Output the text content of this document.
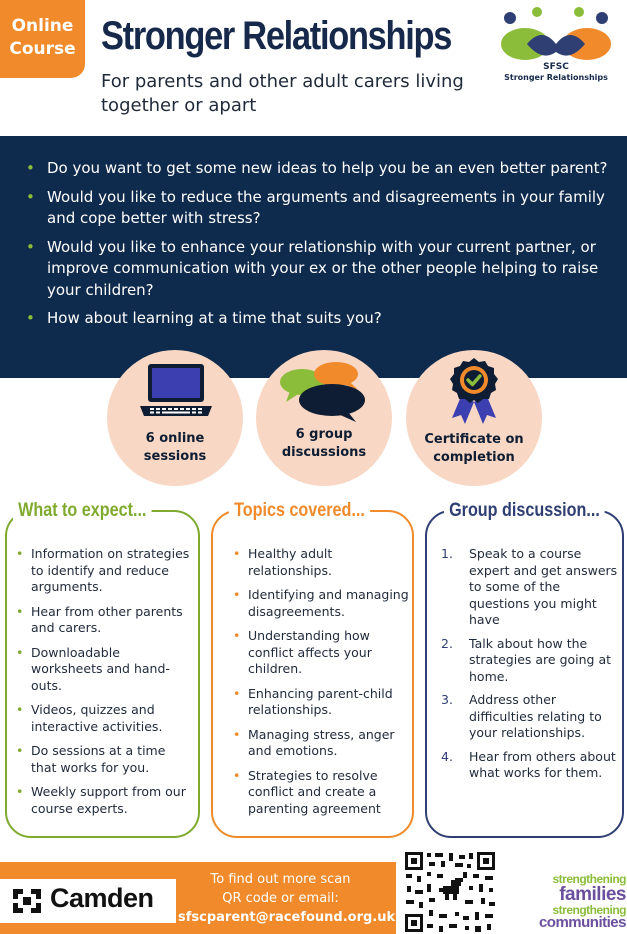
Online
Course Stronger Relationships
For parents and other adult carers living together or apart
SFSC
Stronger Relationships
• Do you want to get some new ideas to help you be an even better parent?
• Would you like to reduce the arguments and disagreements in your family and cope better with stress?
• Would you like to enhance your relationship with your current partner, or improve communication with your ex or the other people helping to raise your children?
• How about learning at a time that suits you?
6 online
sessions
6 group
discussions
Certificate on
completion
What to expect...
• Information on strategies to identify and reduce arguments.
• Hear from other parents and carers.
• Downloadable worksheets and hand-outs.
• Videos, quizzes and interactive activities.
• Do sessions at a time that works for you.
• Weekly support from our course experts.
Topics covered...
• Healthy adult relationships.
• Identifying and managing disagreements.
• Understanding how conflict affects your children.
• Enhancing parent-child relationships.
• Managing stress, anger and emotions.
• Strategies to resolve conflict and create a parenting agreement
Group discussion...
1. Speak to a course expert and get answers to some of the questions you might have
2. Talk about how the strategies are going at home.
3. Address other difficulties relating to your relationships.
4. Hear from others about what works for them.
Camden
To find out more scan
QR code or email:
sfscparent@racefound.org.uk
strengthening
families
strengthening
communities
